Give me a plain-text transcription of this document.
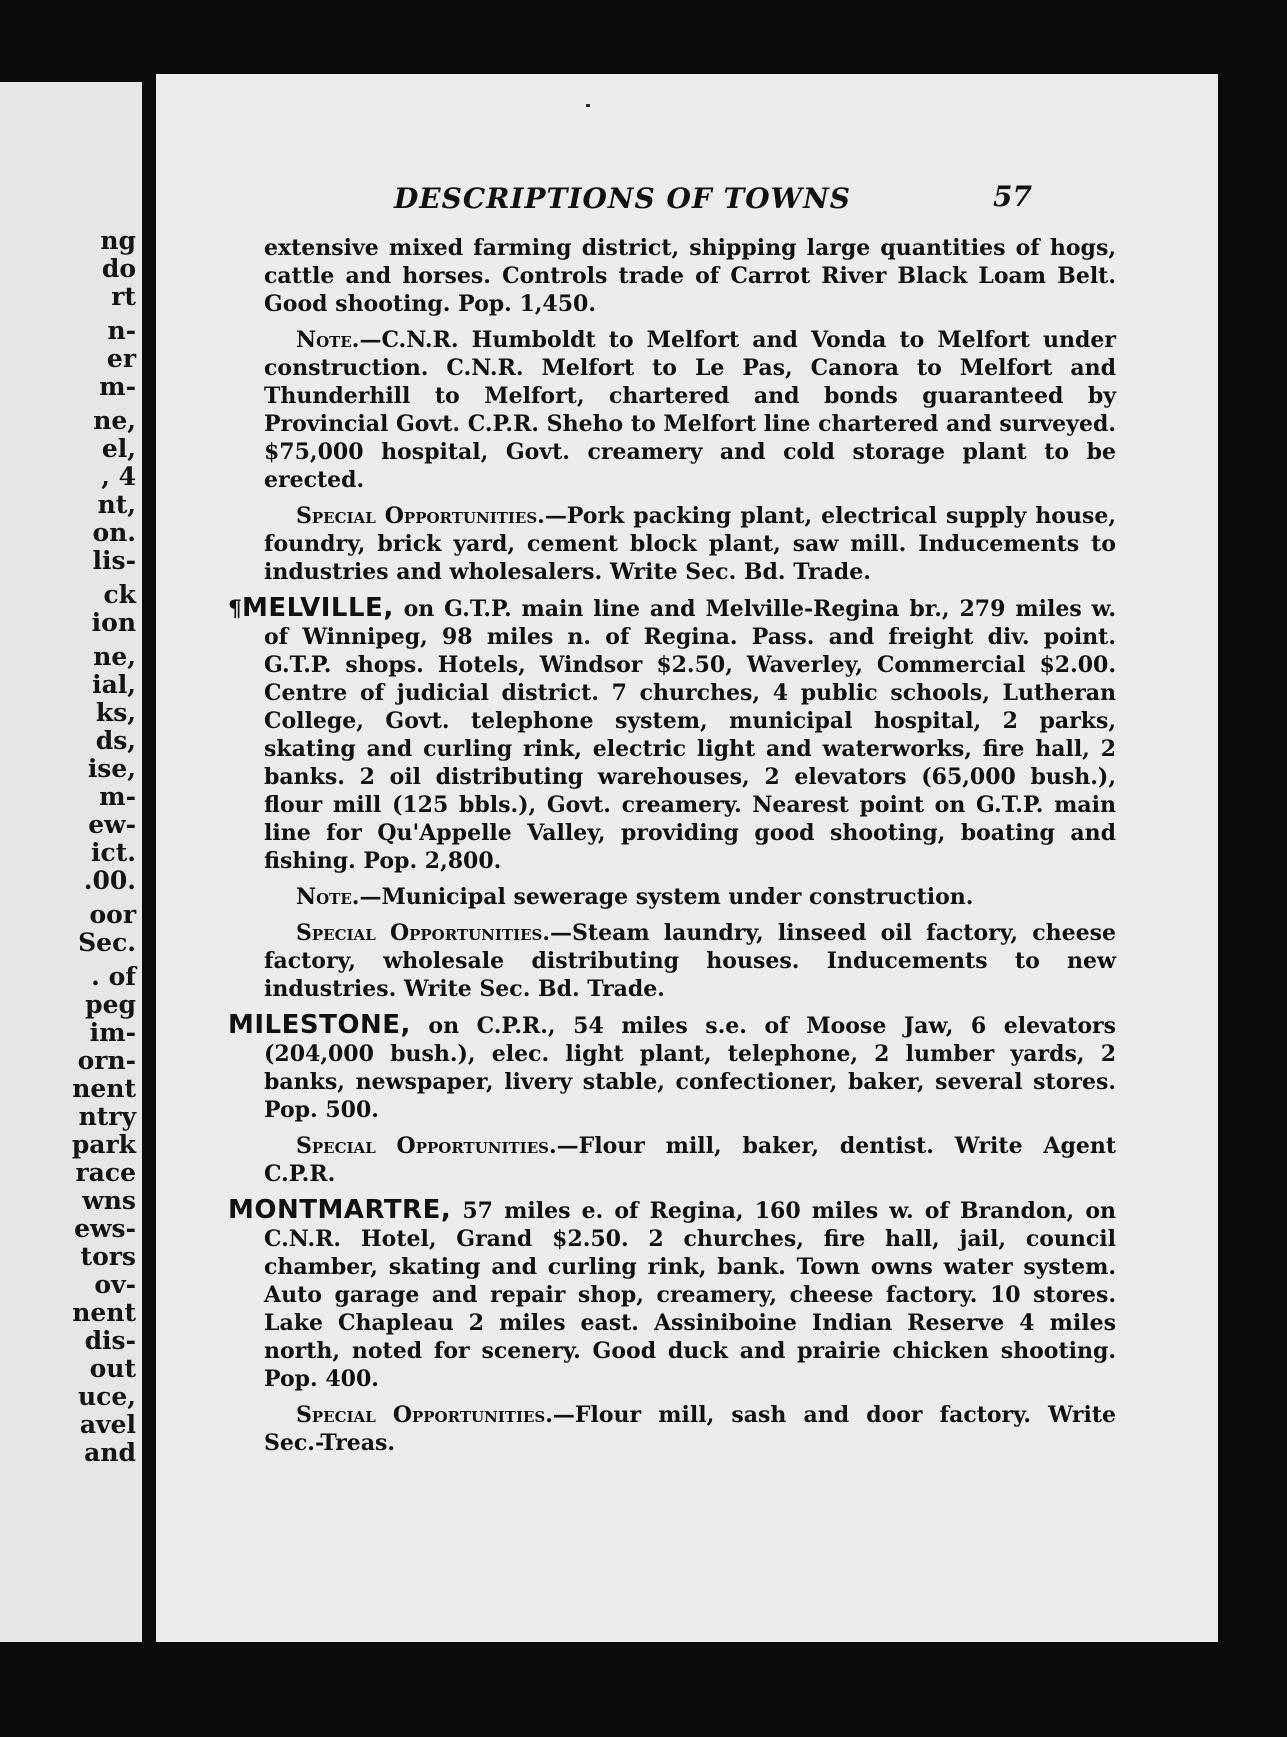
ng
do
rt
n-
er
m-
ne,
el,
, 4
nt,
on.
lis-
ck
ion
ne,
ial,
ks,
ds,
ise,
m-
ew-
ict.
.00.
oor
Sec.
. of
peg
im-
orn-
nent
ntry
park
race
wns
ews-
tors
ov-
nent
dis-
out
uce,
avel
and
DESCRIPTIONS OF TOWNS	57

extensive mixed farming district, shipping large quantities of hogs, cattle and horses. Controls trade of Carrot River Black Loam Belt. Good shooting. Pop. 1,450.

Note.—C.N.R. Humboldt to Melfort and Vonda to Melfort under construction. C.N.R. Melfort to Le Pas, Canora to Melfort and Thunderhill to Melfort, chartered and bonds guaranteed by Provincial Govt. C.P.R. Sheho to Melfort line chartered and surveyed. $75,000 hospital, Govt. creamery and cold storage plant to be erected.

Special Opportunities.—Pork packing plant, electrical supply house, foundry, brick yard, cement block plant, saw mill. Inducements to industries and wholesalers. Write Sec. Bd. Trade.

¶MELVILLE, on G.T.P. main line and Melville-Regina br., 279 miles w. of Winnipeg, 98 miles n. of Regina. Pass. and freight div. point. G.T.P. shops. Hotels, Windsor $2.50, Waverley, Commercial $2.00. Centre of judicial district. 7 churches, 4 public schools, Lutheran College, Govt. telephone system, municipal hospital, 2 parks, skating and curling rink, electric light and waterworks, fire hall, 2 banks. 2 oil distributing warehouses, 2 elevators (65,000 bush.), flour mill (125 bbls.), Govt. creamery. Nearest point on G.T.P. main line for Qu'Appelle Valley, providing good shooting, boating and fishing. Pop. 2,800.

Note.—Municipal sewerage system under construction.

Special Opportunities.—Steam laundry, linseed oil factory, cheese factory, wholesale distributing houses. Inducements to new industries. Write Sec. Bd. Trade.

MILESTONE, on C.P.R., 54 miles s.e. of Moose Jaw, 6 elevators (204,000 bush.), elec. light plant, telephone, 2 lumber yards, 2 banks, newspaper, livery stable, confectioner, baker, several stores. Pop. 500.

Special Opportunities.—Flour mill, baker, dentist. Write Agent C.P.R.

MONTMARTRE, 57 miles e. of Regina, 160 miles w. of Brandon, on C.N.R. Hotel, Grand $2.50. 2 churches, fire hall, jail, council chamber, skating and curling rink, bank. Town owns water system. Auto garage and repair shop, creamery, cheese factory. 10 stores. Lake Chapleau 2 miles east. Assiniboine Indian Reserve 4 miles north, noted for scenery. Good duck and prairie chicken shooting. Pop. 400.

Special Opportunities.—Flour mill, sash and door factory. Write Sec.-Treas.
